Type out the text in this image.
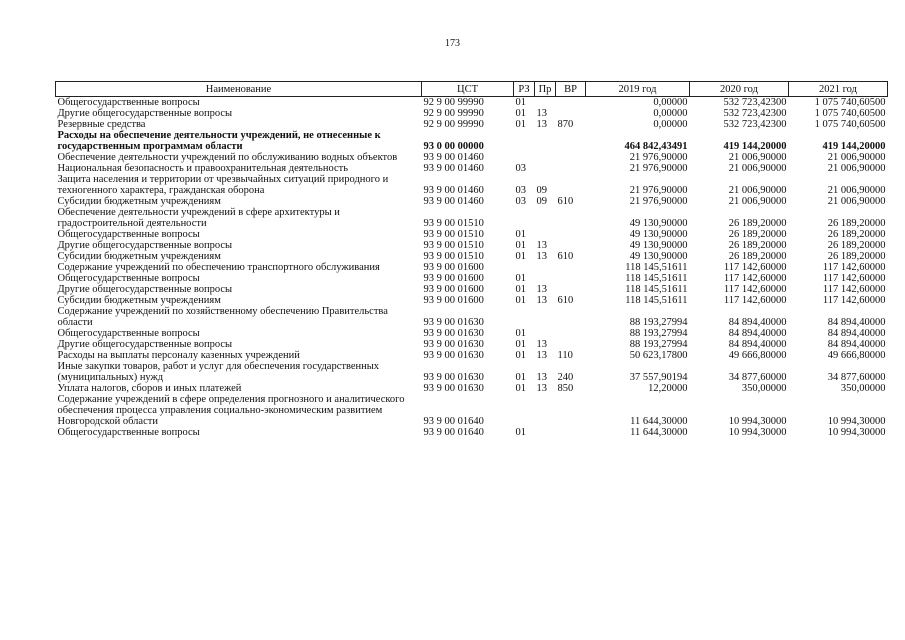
173
Наименование	ЦСТ	РЗ	Пр	ВР	2019 год	2020 год	2021 год
Общегосударственные вопросы	92 9 00 99990	01			0,00000	532 723,42300	1 075 740,60500
Другие общегосударственные вопросы	92 9 00 99990	01	13		0,00000	532 723,42300	1 075 740,60500
Резервные средства	92 9 00 99990	01	13	870	0,00000	532 723,42300	1 075 740,60500
Расходы на обеспечение деятельности учреждений, не отнесенные к государственным программам области	93 0 00 00000				464 842,43491	419 144,20000	419 144,20000
Обеспечение деятельности учреждений по обслуживанию водных объектов	93 9 00 01460				21 976,90000	21 006,90000	21 006,90000
Национальная безопасность и правоохранительная деятельность	93 9 00 01460	03			21 976,90000	21 006,90000	21 006,90000
Защита населения и территории от чрезвычайных ситуаций природного и техногенного характера, гражданская оборона	93 9 00 01460	03	09		21 976,90000	21 006,90000	21 006,90000
Субсидии бюджетным учреждениям	93 9 00 01460	03	09	610	21 976,90000	21 006,90000	21 006,90000
Обеспечение деятельности учреждений в сфере архитектуры и градостроительной деятельности	93 9 00 01510				49 130,90000	26 189,20000	26 189,20000
Общегосударственные вопросы	93 9 00 01510	01			49 130,90000	26 189,20000	26 189,20000
Другие общегосударственные вопросы	93 9 00 01510	01	13		49 130,90000	26 189,20000	26 189,20000
Субсидии бюджетным учреждениям	93 9 00 01510	01	13	610	49 130,90000	26 189,20000	26 189,20000
Содержание учреждений по обеспечению транспортного обслуживания	93 9 00 01600				118 145,51611	117 142,60000	117 142,60000
Общегосударственные вопросы	93 9 00 01600	01			118 145,51611	117 142,60000	117 142,60000
Другие общегосударственные вопросы	93 9 00 01600	01	13		118 145,51611	117 142,60000	117 142,60000
Субсидии бюджетным учреждениям	93 9 00 01600	01	13	610	118 145,51611	117 142,60000	117 142,60000
Содержание учреждений по хозяйственному обеспечению Правительства области	93 9 00 01630				88 193,27994	84 894,40000	84 894,40000
Общегосударственные вопросы	93 9 00 01630	01			88 193,27994	84 894,40000	84 894,40000
Другие общегосударственные вопросы	93 9 00 01630	01	13		88 193,27994	84 894,40000	84 894,40000
Расходы на выплаты персоналу казенных учреждений	93 9 00 01630	01	13	110	50 623,17800	49 666,80000	49 666,80000
Иные закупки товаров, работ и услуг для обеспечения государственных (муниципальных) нужд	93 9 00 01630	01	13	240	37 557,90194	34 877,60000	34 877,60000
Уплата налогов, сборов и иных платежей	93 9 00 01630	01	13	850	12,20000	350,00000	350,00000
Содержание учреждений в сфере определения прогнозного и аналитического обеспечения процесса управления социально-экономическим развитием Новгородской области	93 9 00 01640				11 644,30000	10 994,30000	10 994,30000
Общегосударственные вопросы	93 9 00 01640	01			11 644,30000	10 994,30000	10 994,30000
